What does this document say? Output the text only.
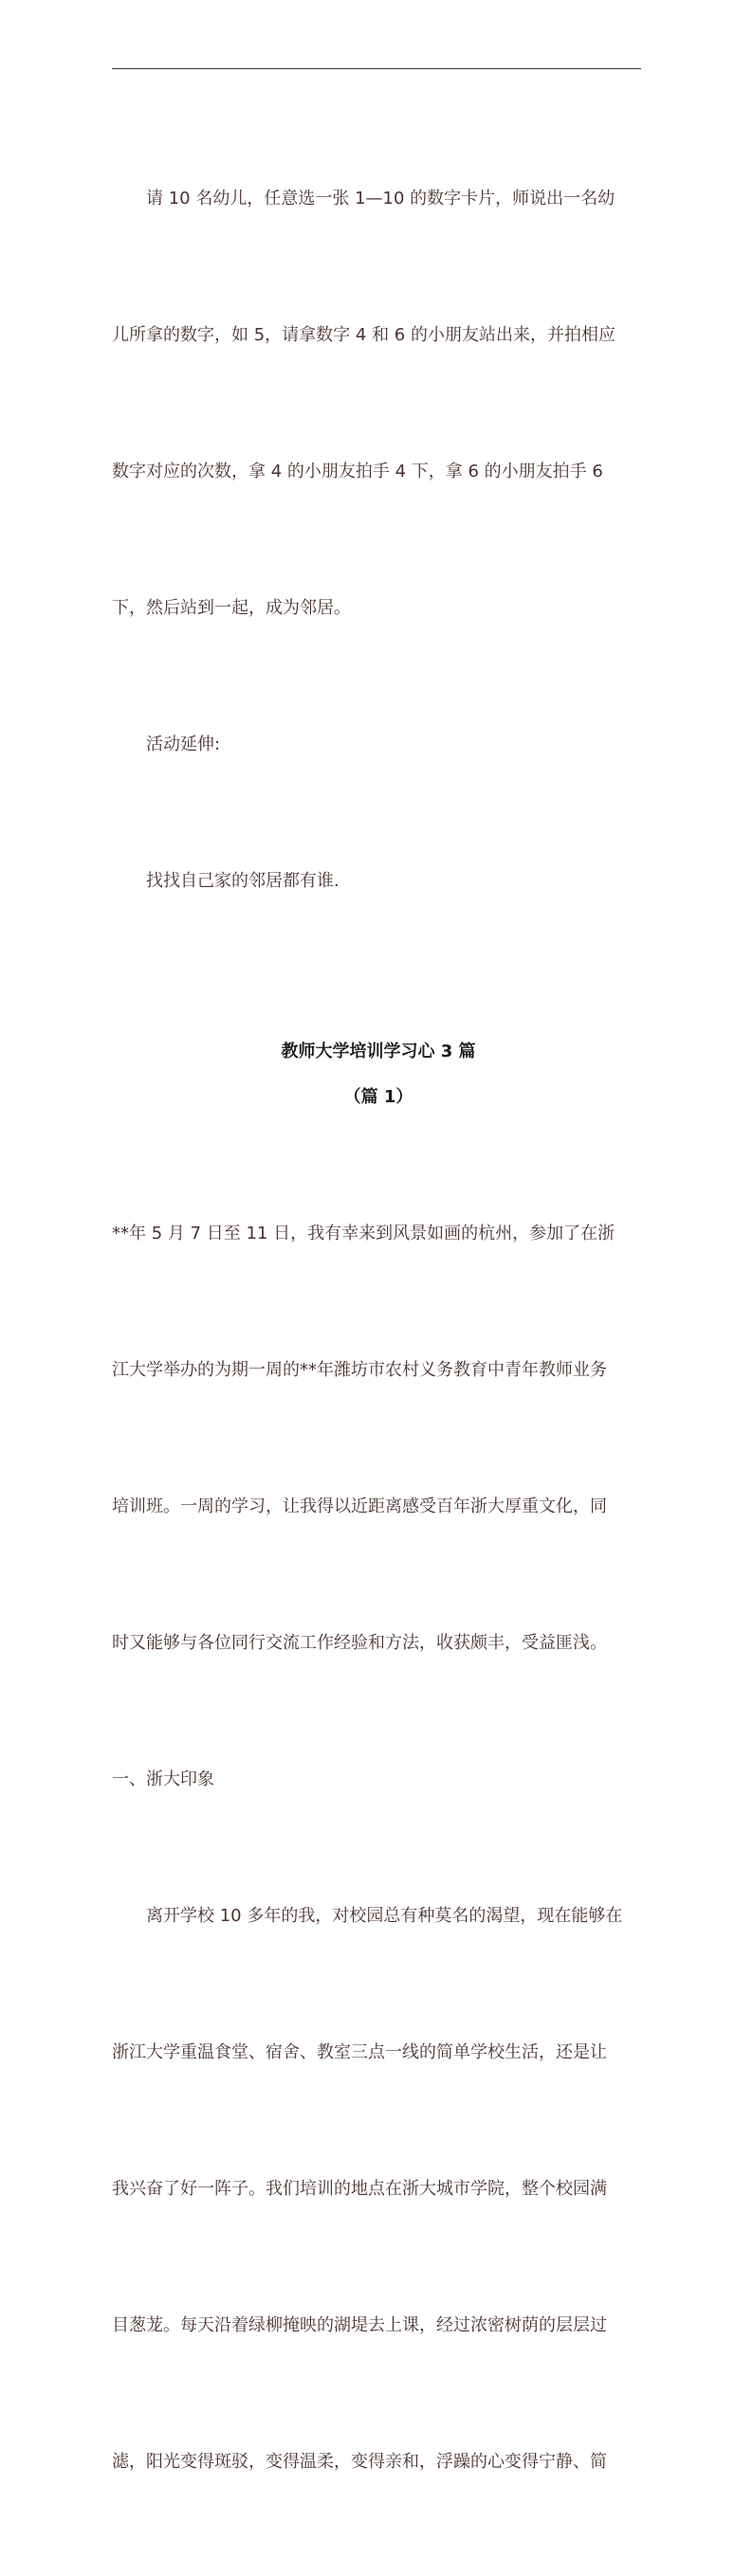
　　请 10 名幼儿，任意选一张 1—10 的数字卡片，师说出一名幼

儿所拿的数字，如 5，请拿数字 4 和 6 的小朋友站出来，并拍相应

数字对应的次数，拿 4 的小朋友拍手 4 下，拿 6 的小朋友拍手 6

下，然后站到一起，成为邻居。

　　活动延伸:

　　找找自己家的邻居都有谁.

教师大学培训学习心 3 篇
（篇 1）

**年 5 月 7 日至 11 日，我有幸来到风景如画的杭州，参加了在浙

江大学举办的为期一周的**年潍坊市农村义务教育中青年教师业务

培训班。一周的学习，让我得以近距离感受百年浙大厚重文化，同

时又能够与各位同行交流工作经验和方法，收获颇丰，受益匪浅。

一、浙大印象

　　离开学校 10 多年的我，对校园总有种莫名的渴望，现在能够在

浙江大学重温食堂、宿舍、教室三点一线的简单学校生活，还是让

我兴奋了好一阵子。我们培训的地点在浙大城市学院，整个校园满

目葱茏。每天沿着绿柳掩映的湖堤去上课，经过浓密树荫的层层过

滤，阳光变得斑驳，变得温柔，变得亲和，浮躁的心变得宁静、简
